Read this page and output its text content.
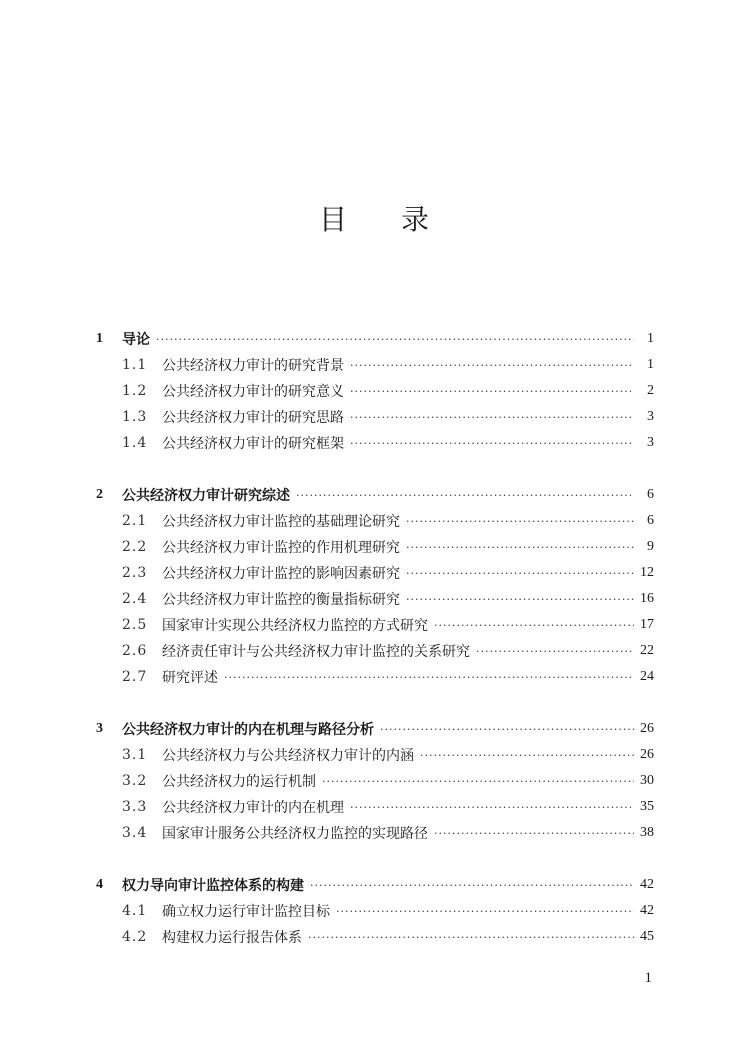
目 录
1	导论 ·····	1
1.1	公共经济权力审计的研究背景 ·····	1
1.2	公共经济权力审计的研究意义 ·····	2
1.3	公共经济权力审计的研究思路 ·····	3
1.4	公共经济权力审计的研究框架 ·····	3
2	公共经济权力审计研究综述 ·····	6
2.1	公共经济权力审计监控的基础理论研究 ·····	6
2.2	公共经济权力审计监控的作用机理研究 ·····	9
2.3	公共经济权力审计监控的影响因素研究 ·····	12
2.4	公共经济权力审计监控的衡量指标研究 ·····	16
2.5	国家审计实现公共经济权力监控的方式研究 ·····	17
2.6	经济责任审计与公共经济权力审计监控的关系研究 ·····	22
2.7	研究评述 ·····	24
3	公共经济权力审计的内在机理与路径分析 ·····	26
3.1	公共经济权力与公共经济权力审计的内涵 ·····	26
3.2	公共经济权力的运行机制 ·····	30
3.3	公共经济权力审计的内在机理 ·····	35
3.4	国家审计服务公共经济权力监控的实现路径 ·····	38
4	权力导向审计监控体系的构建 ·····	42
4.1	确立权力运行审计监控目标 ·····	42
4.2	构建权力运行报告体系 ·····	45
1
